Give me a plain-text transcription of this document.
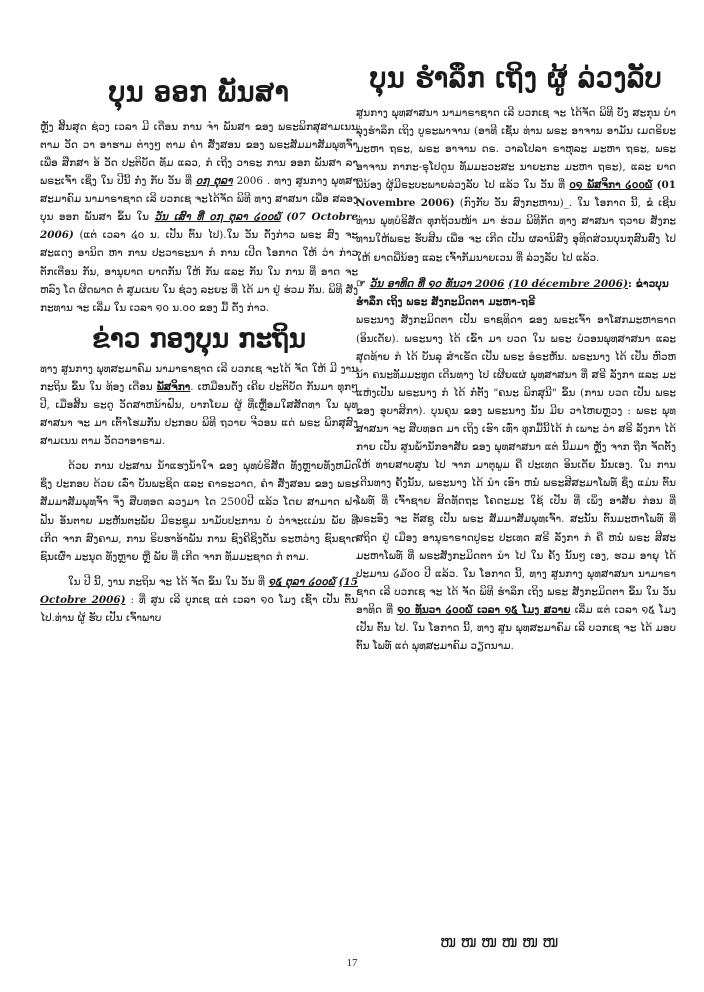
ບຸນ ອອກ ພັນສາ

ຫຼັງ ສິ້ນສຸດ ຊ່ວງ ເວລາ ມີ ເດືອນ ການ ຈຳ ພັນສາ ຂອງ ພຣະພິກສຸສາມເນນ ຕາມ ວັດ ວາ ອາຮາມ ຕ່າງໆ ຕາມ ຄຳ ສັ່ງສອນ ຂອງ ພຣະສັມມາສັມພຸທຈົ້າ ເພື່ອ ສືກສາ ອ້ ວັດ ປະຕິບັດ ທັມ ແລວ, ກໍ ເຖີງ ວາຣະ ການ ອອກ ພັນສາ ລາ ພຣະເຈົ້າ ເຊິ່ງ ໃນ ປີນີ້ ກໍ່ງ ກັບ ວັນ ທີ່ ໐໗ ຕຸລາ 2006 . ທາງ ສູນກາງ ພຸທສາສະມາຄົມ ນາມາຣາຊາດ ເລີ ບວກເຊ ຈະໄດ້ຈັດ ພິທີ ທາງ ສາສນາ ເພື່ອ ສລອງ ບຸນ ອອກ ພັນສາ ຂຶ້ນ ໃນ ວັນ ເສົາ ທີ່ ໐໗ ຕຸລາ ໒໐໐໖ (07 Octobre 2006) (ແຕ່ ເວລາ ໔໐ ນ. ເປັນ ຕົ້ນ ໄປ).ໃນ ວັນ ດັ່ງກ່າວ ພຣະ ສົງ ຈະ ສະແດງ ອານິດ ຫາ ການ ປະວາຣະນາ ກໍ ການ ເປີດ ໂອກາດ ໃຫ້ ວ່າ ກ່າວ ຕັກເຕືອນ ກັນ, ອານຸຍາດ ຍາດກັນ ໃຫ້ ກັນ ແລະ ກັນ ໃນ ການ ທີ່ ອາດ ຈະ ຫລົງ ໂດ ຜິດພາດ ຕໍ່ ສູມເນຍ ໃນ ຊ່ວງ ລະຍະ ທີ່ ໄດ້ ມາ ຢູ່ ຮ່ວມ ກັນ. ພິທີ ສັງກະທານ ຈະ ເລີ່ມ ໃນ ເວລາ ໑໐ ນ.໐໐ ຂອງ ມື້ ດັ່ງ ກ່າວ.

ຂ່າວ ກອງບຸນ ກະຖິນ

ທາງ ສູນກາງ ພຸທສະມາຄົມ ນາມາຣາຊາດ ເລີ ບວກເຊ ຈະໄດ້ ຈັດ ໃຫ້ ມີ ງານ ກະຖິນ ຂຶ້ນ ໃນ ທ້ອງ ເດືອນ ພັສຈິກາ. ເຫມືອນດັ່ງ ເຄີຍ ປະຕິບັດ ກັນມາ ທຸກໆປີ, ເມື່ອສິ້ນ ຣະດູ ວັດສາຫນ້າຝົນ, ບາກໂຍມ ຜູ້ ທີ່ເຫຼື້ອມໃສສັດທາ ໃນ ພຸທສາສນາ ຈະ ມາ ເຕົ້າໂຮມກັນ ປະກອບ ພິທີ ຖວາຍ ຈີວອນ ແດ່ ພຣະ ພິກສຸສົງ ສາມເນນ ຕາມ ວັດວາອາຣາມ.

ດ້ວຍ ການ ປະສານ ນ້ຳແຮງນ້ຳໃຈ ຂອງ ພຸທບໍຣິສັດ ທັງຫຼາຍທັງຫມົດ ຊຶ່ງ ປະກອບ ດ້ວຍ ເລົ່າ ບັນພະຊິດ ແລະ ຄາຣະວາດ, ຄຳ ສັ່ງສອນ ຂອງ ພຣະສັມມາສັມພຸທຈົ້າ ຈຶ່ງ ສືບທອດ ລວງມາ ໄດ 2500ປີ ແລ້ວ ໂດຍ ສາມາດ ຝາຟັນ ອັນຕາຍ ມະຫັນຕະພັຍ ມີຣະຊູມ ນາມັບປະການ ບໍ່ ວ່າຈະເເມ່ນ ພັຍ ທີ່ ເກີດ ຈາກ ສົງຄາມ, ການ ຣິບຮາອ້າພັນ ການ ຊົງຄີຊິງດັ່ນ ຣະຫວ່າງ ຊົນຊາດ ຊົນເຜົ່າ ມະນຸດ ທັງຫຼາຍ ຫຼື ພັຍ ທີ່ ເກີດ ຈາກ ທັມມະຊາດ ກໍ ຕາມ.

ໃນ ປີ ນີ້, ງານ ກະຖິນ ຈະ ໄດ້ ຈັດ ຂຶ້ນ ໃນ ວັນ ທີ່ ໑໕ ຕຸລາ ໒໐໐໖ (15 Octobre 2006) : ທີ່ ສູນ ເລີ ບູກເຊ ແຕ່ ເວລາ ໑໐ ໂມງ ເຊົ້າ ເປັນ ຕົ້ນ ໄປ.ທ່ານ ຜູ້ ຮັບ ເປັນ ເຈົ້າພາບ

ບຸນ ຮຳລຶກ ເຖິງ ຜູ້ ລ່ວງລັບ

ສູນກາງ ພຸທສາສນາ ນາມາຣາຊາດ ເລີ ບວກເຊ ຈະ ໄດ້ຈັດ ພິທີ ບັງ ສະກຸນ ບຳລຸ່ງຮຳລຶກ ເຖິງ ບູຣະພາຈານ (ອາທີ ເຊັ່ນ ທ່ານ ພຣະ ອາຈານ ອາມັນ ເມດຣິຍະ ມະຫາ ຖຣະ, ພຣະ ອາຈານ ດຣ. ວາລໂປລາ ຣາຫຸລະ ມະຫາ ຖຣະ, ພຣະ ອາຈານ ກາກະ-ຣຸໂປດູນ ທັມມະວະສະ ນາຍະກະ ມະຫາ ຖຣະ), ແລະ ຍາດພີ່ນ້ອງ ຜູ້ມີຣະບະພາຍລ່ວງລັບ ໄປ ແລ້ວ ໃນ ວັນ ທີ່ ໐໑ ພັສຈິກາ ໒໐໐໖ (01 Novembre 2006) (ກົງກັບ ວັນ ສົງກະຫານ)_. ໃນ ໂອກາດ ນີ້, ຂໍ ເຊີນ ທ່ານ ພຸທບໍຣິສັດ ທຸກຖ້ວນໜ້າ ມາ ຮ່ວມ ພິທີກັດ ທາງ ສາສນາ ຖວາຍ ສັງກະທານໃຫ້ພຣະ ຮັບສີນ ເພື່ອ ຈະ ເກີດ ເປັນ ຜລານິສົງ ອຸທິດສ່ວນບຸນກຸສົນສົ່ງ ໄປ ໃຫ້ ຍາດພີ່ນ້ອງ ແລະ ເຈົ້າກັມນາຍເວນ ທີ່ ລ່ວງລັບ ໄປ ແລ້ວ.

☞ ວັນ ອາທິດ ທີ່ ໑໐ ທັນວາ 2006 (10 décembre 2006): ຂ່າວບຸນ ຮຳລຶກ ເຖິງ ພຣະ ສັງກະມິດຕາ ມະຫາ-ຖຣີ

ພຣະນາງ ສັງກະມິດຕາ ເປັນ ຣາຊທິດາ ຂອງ ພຣະເຈົ້າ ອາໂສກມະຫາຣາດ (ອິນເດັຍ). ພຣະນາງ ໄດ້ ເຂົ້າ ມາ ບວດ ໃນ ພຣະ ບໍວອນພຸທສາສນາ ແລະ ສຸດທ້າຍ ກໍ ໄດ້ ບັນລຸ ສຳເຣັດ ເປັນ ພຣະ ອໍຣະຫັນ. ພຣະນາງ ໄດ້ ເປັນ ຫົວຫນ້າ ຄນະທັມມະທູດ ເດີນທາງ ໄປ ເຜີຍແຜ່ ພຸທສາສນາ ທີ່ ສຣີ ລັງກາ ແລະ ມະ ແຫ່ງເປັນ ພຣະນາງ ກໍ ໄດ້ ກໍ່ຕັ້ງ "ຄນະ ພິກສຸນີ" ຂຶ້ນ (ການ ບວດ ເປັນ ພຣະ ຂອງ ອຸບາສິກາ). ບຸນຄຸນ ຂອງ ພຣະນາງ ນັ້ນ ມີຍ ວາໄຫຍຫຼວງ : ພຣະ ພຸທສາສນາ ຈະ ສືບທອດ ມາ ເຖິງ ເຮົາ ເທົ່າ ທຸກມື້ນີ້ໄດ້ ກໍ ເພາະ ວ່າ ສຣີ ລັງກາ ໄດ້ ກາຍ ເປັນ ສູນພໍ້ານັກອາສັຍ ຂອງ ພຸທສາສນາ ແຕ່ ນີ້ມມາ ຫຼັງ ຈາກ ຖືກ ຈັດຕັ້ງ ໃຫ້ ທາຍສາບສູນ ໄປ ຈາກ ມາຕຸພູມ ຄື ປະເທດ ອິນເດັຍ ນັ້ນເອງ. ໃນ ການ ເດີນທາງ ຄັ້ງນັ້ນ, ພຣະນາງ ໄດ້ ນຳ ເອົາ ຫນໍ່ ພຣະສີສະມາໂພທ໌ ຊຶ່ງ ແມ່ນ ຕົ້ນ ໂພທ໌ ທີ່ ເຈົ້າຊາຍ ສິດທັດຖະ ໂຄດະມະ ໃຊ້ ເປັນ ທີ່ ເພິ່ງ ອາສັຍ ກ່ອນ ທີ່ ພຣະອົງ ຈະ ຕັສຊູ ເປັນ ພຣະ ສັມມາສັມພຸທເຈົ້າ. ສະນັ້ນ ຕົ້ນມະຫາໂພທ໌ ທີ່ ສຖິດ ຢູ່ ເມືອງ ອານຸຣາຣາດປູຣະ ປະເທດ ສຣີ ລັງກາ ກໍ ຄື ຫນໍ່ ພຣະ ສີສະມະຫາໂພທ໌ ທີ່ ພຣະສັງກະມິດຕາ ນຳ ໄປ ໃນ ຄັ້ງ ນັ້ນໆ ເອງ, ຮວມ ອາຍຸ ໄດ້ ປະມານ ໒໓໐໐ ປີ ແລ້ວ. ໃນ ໂອກາດ ນີ້, ທາງ ສູນກາງ ພຸທສາສນາ ນາມາຣາຊາດ ເລີ ບວກເຊ ຈະ ໄດ້ ຈັດ ພິທີ ຮຳລຶກ ເຖິງ ພຣະ ສັງກະມິດຕາ ຂຶ້ນ ໃນ ວັນ ອາທິດ ທີ່ ໑໐ ທັນວາ ໒໐໐໖ ເວລາ ໑໕ ໂມງ ສວາຍ ເລີ່ມ ແຕ່ ເວລາ ໑໕ ໂມງ ເປັນ ຕົ້ນ ໄປ. ໃນ ໂອກາດ ນີ້, ທາງ ສູນ ພຸທສະມາຄົມ ເລີ ບວກເຊ ຈະ ໄດ້ ມອບ ຕົ້ນ ໂພທ໌ ແດ່ ພຸທສະມາຄົມ ວຽດນາມ.

ໜໜໜໜໜໜ
17
